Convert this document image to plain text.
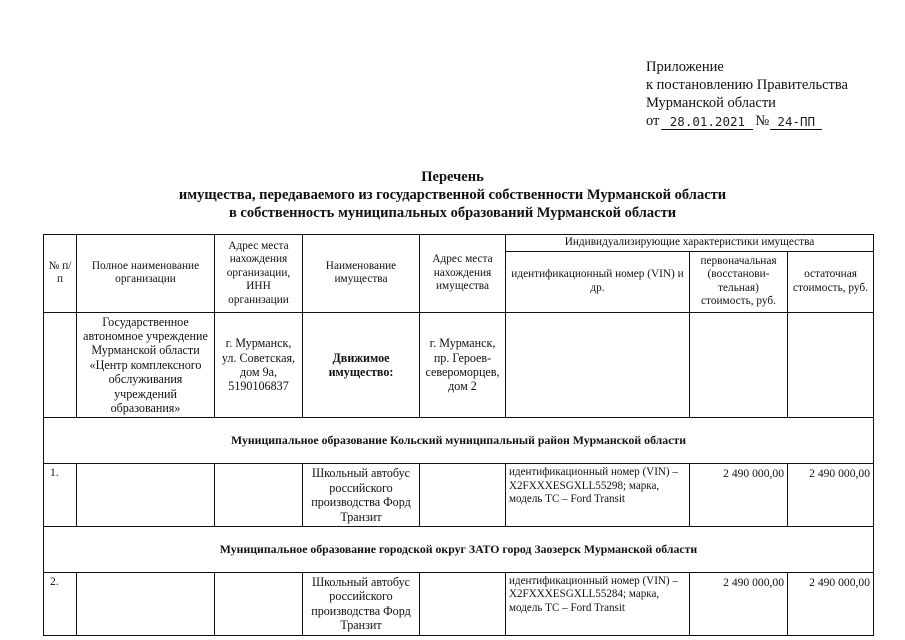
Приложение
к постановлению Правительства
Мурманской области
от 28.01.2021 № 24-ПП
Перечень
имущества, передаваемого из государственной собственности Мурманской области
в собственность муниципальных образований Мурманской области
№ п/п	Полное наименование организации	Адрес места нахождения организации, ИНН организации	Наименование имущества	Адрес места нахождения имущества	Индивидуализирующие характеристики имущества		
					идентификационный номер (VIN) и др.	первоначальная (восстанови-тельная) стоимость, руб.	остаточная стоимость, руб.
	Государственное автономное учреждение Мурманской области «Центр комплексного обслуживания учреждений образования»	г. Мурманск, ул. Советская, дом 9а, 5190106837	Движимое имущество:	г. Мурманск, пр. Героев-североморцев, дом 2			
Муниципальное образование Кольский муниципальный район Мурманской области							
1.			Школьный автобус российского производства Форд Транзит		идентификационный номер (VIN) – X2FXXXESGXLL55298; марка, модель ТС – Ford Transit	2 490 000,00	2 490 000,00
Муниципальное образование городской округ ЗАТО город Заозерск Мурманской области							
2.			Школьный автобус российского производства Форд Транзит		идентификационный номер (VIN) –X2FXXXESGXLL55284; марка, модель ТС – Ford Transit	2 490 000,00	2 490 000,00
